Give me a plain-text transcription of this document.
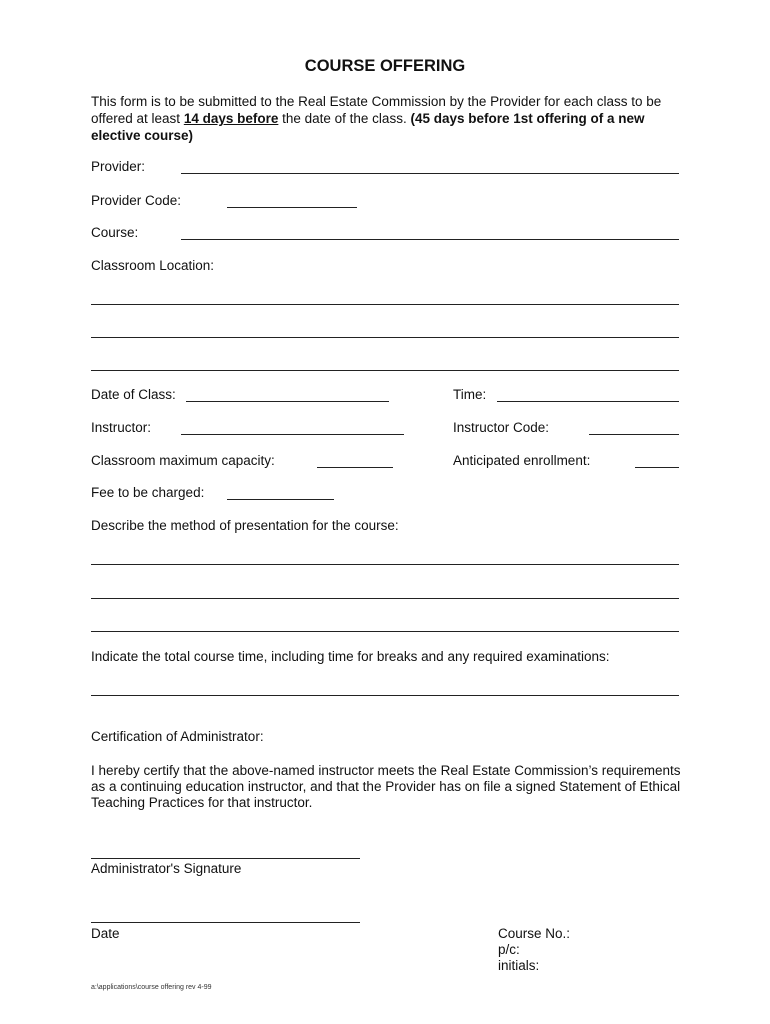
COURSE OFFERING
This form is to be submitted to the Real Estate Commission by the Provider for each class to be offered at least 14 days before the date of the class. (45 days before 1st offering of a new elective course)
Provider:
Provider Code:
Course:
Classroom Location:
Date of Class:	Time:
Instructor:	Instructor Code:
Classroom maximum capacity:	Anticipated enrollment:
Fee to be charged:
Describe the method of presentation for the course:
Indicate the total course time, including time for breaks and any required examinations:
Certification of Administrator:
I hereby certify that the above-named instructor meets the Real Estate Commission’s requirements as a continuing education instructor, and that the Provider has on file a signed Statement of Ethical Teaching Practices for that instructor.
Administrator's Signature
Date	Course No.:
p/c:
initials:
a:\applications\course offering rev 4-99
